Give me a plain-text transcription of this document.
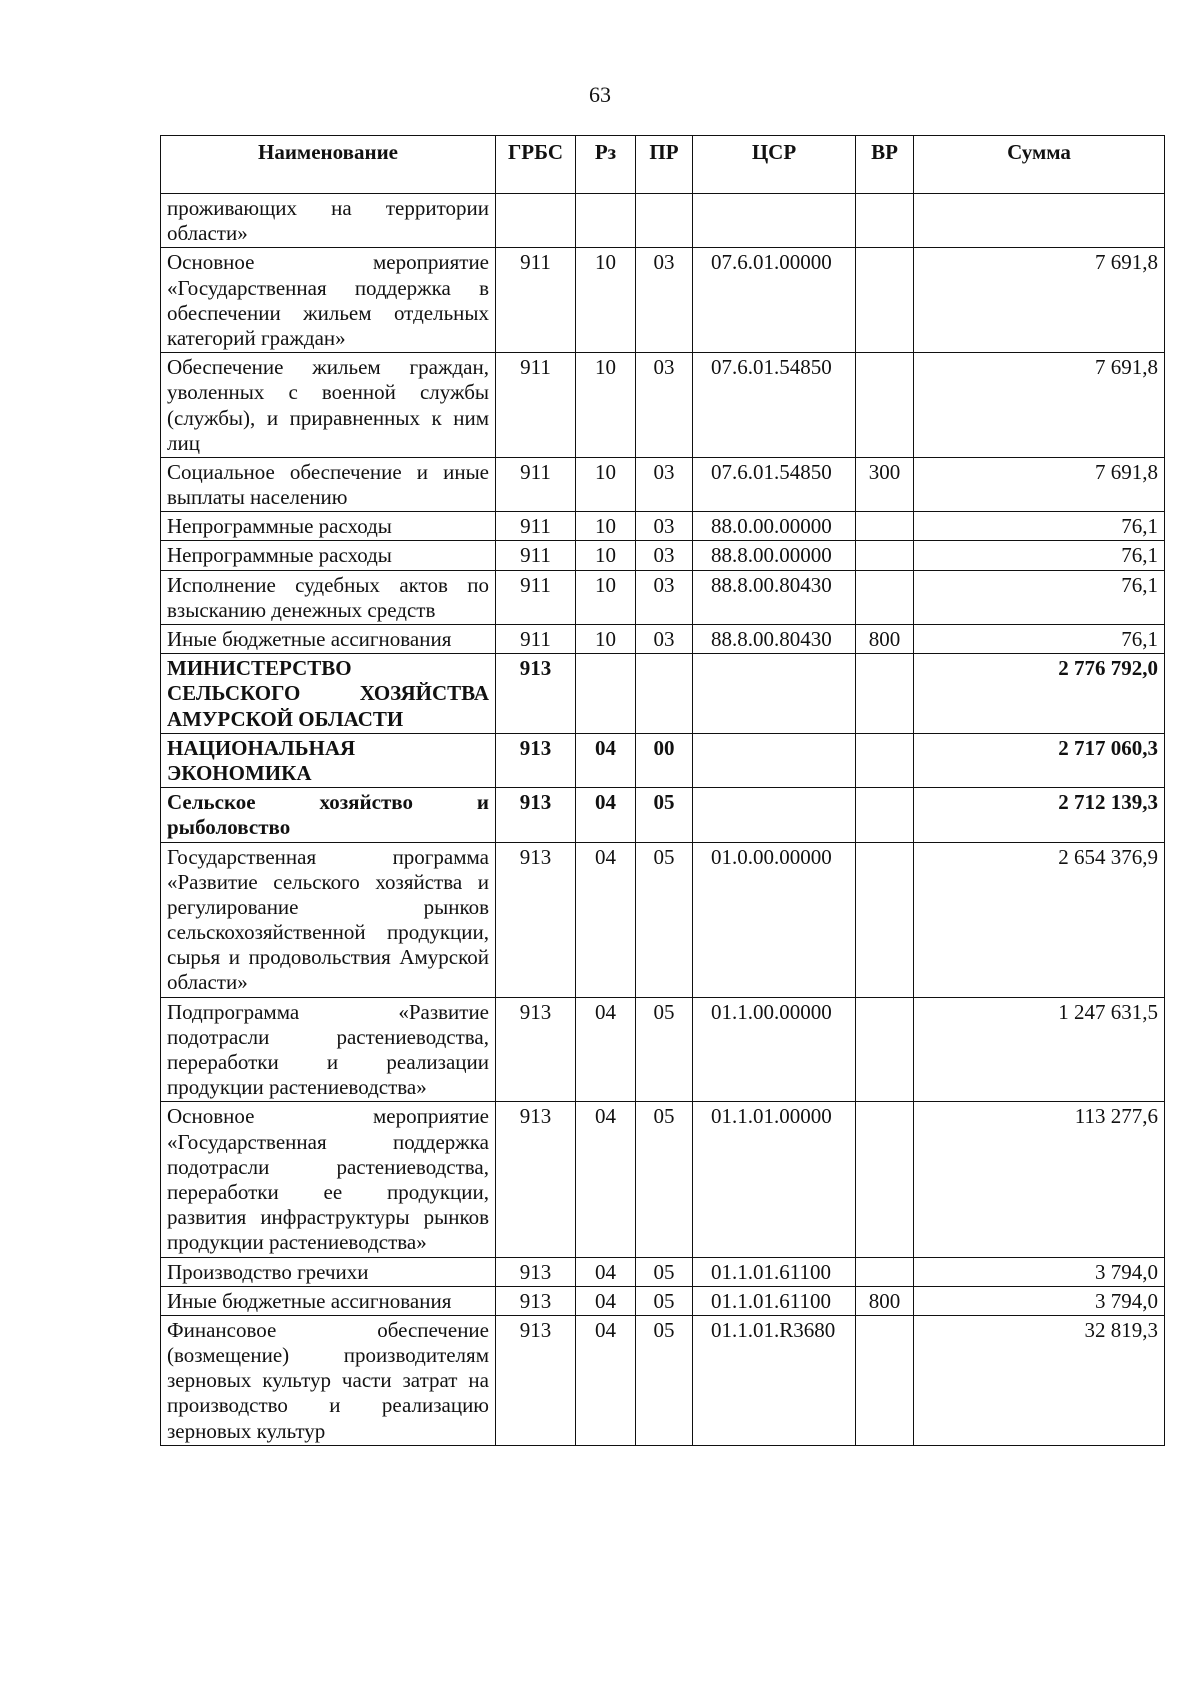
63
Наименование	ГРБС	Рз	ПР	ЦСР	ВР	Сумма
проживающих на территории области»						
Основное мероприятие «Государственная поддержка в обеспечении жильем отдельных категорий граждан»	911	10	03	07.6.01.00000		7 691,8
Обеспечение жильем граждан, уволенных с военной службы (службы), и приравненных к ним лиц	911	10	03	07.6.01.54850		7 691,8
Социальное обеспечение и иные выплаты населению	911	10	03	07.6.01.54850	300	7 691,8
Непрограммные расходы	911	10	03	88.0.00.00000		76,1
Непрограммные расходы	911	10	03	88.8.00.00000		76,1
Исполнение судебных актов по взысканию денежных средств	911	10	03	88.8.00.80430		76,1
Иные бюджетные ассигнования	911	10	03	88.8.00.80430	800	76,1
МИНИСТЕРСТВО СЕЛЬСКОГО ХОЗЯЙСТВА АМУРСКОЙ ОБЛАСТИ	913					2 776 792,0
НАЦИОНАЛЬНАЯ ЭКОНОМИКА	913	04	00			2 717 060,3
Сельское хозяйство и рыболовство	913	04	05			2 712 139,3
Государственная программа «Развитие сельского хозяйства и регулирование рынков сельскохозяйственной продукции, сырья и продовольствия Амурской области»	913	04	05	01.0.00.00000		2 654 376,9
Подпрограмма «Развитие подотрасли растениеводства, переработки и реализации продукции растениеводства»	913	04	05	01.1.00.00000		1 247 631,5
Основное мероприятие «Государственная поддержка подотрасли растениеводства, переработки ее продукции, развития инфраструктуры рынков продукции растениеводства»	913	04	05	01.1.01.00000		113 277,6
Производство гречихи	913	04	05	01.1.01.61100		3 794,0
Иные бюджетные ассигнования	913	04	05	01.1.01.61100	800	3 794,0
Финансовое обеспечение (возмещение) производителям зерновых культур части затрат на производство и реализацию зерновых культур	913	04	05	01.1.01.R3680		32 819,3
